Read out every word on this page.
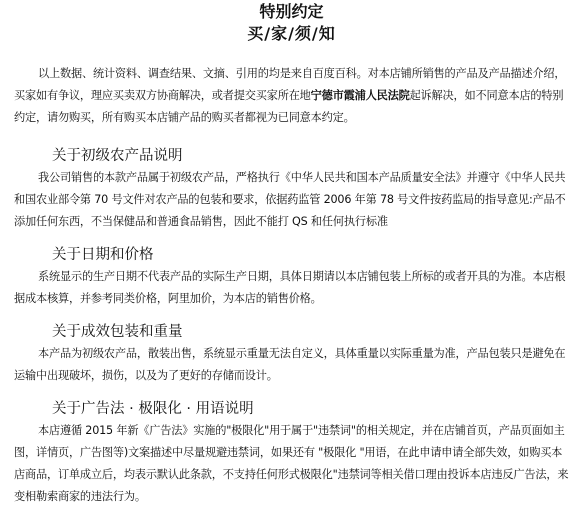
特别约定
买/家/须/知

以上数据、统计资料、调查结果、文摘、引用的均是来自百度百科。对本店铺所销售的产品及产品描述介绍，买家如有争议，理应买卖双方协商解决，或者提交买家所在地宁德市霞浦人民法院起诉解决，如不同意本店的特别约定，请勿购买，所有购买本店铺产品的购买者都视为已同意本约定。

关于初级农产品说明

我公司销售的本款产品属于初级农产品，严格执行《中华人民共和国本产品质量安全法》并遵守《中华人民共和国农业部令第 70 号文件对农产品的包装和要求，依据药监管 2006 年第 78 号文件按药监局的指导意见:产品不添加任何东西，不当保健品和普通食品销售，因此不能打 QS 和任何执行标准

关于日期和价格

系统显示的生产日期不代表产品的实际生产日期，具体日期请以本店铺包装上所标的或者开具的为准。本店根据成本核算，并参考同类价格，阿里加价，为本店的销售价格。

关于成效包装和重量

本产品为初级农产品，散装出售，系统显示重量无法自定义，具体重量以实际重量为准，产品包装只是避免在运输中出现破坏，损伤，以及为了更好的存储而设计。

关于广告法 · 极限化 · 用语说明

本店遵循 2015 年新《广告法》实施的"极限化"用于属于"违禁词"的相关规定，并在店铺首页，产品页面如主图，详情页，广告图等)文案描述中尽量规避违禁词，如果还有 "极限化 "用语，在此申请申请全部失效，如购买本店商品，订单成立后，均表示默认此条款，不支持任何形式极限化"违禁词等相关借口理由投诉本店违反广告法，来变相勒索商家的违法行为。
